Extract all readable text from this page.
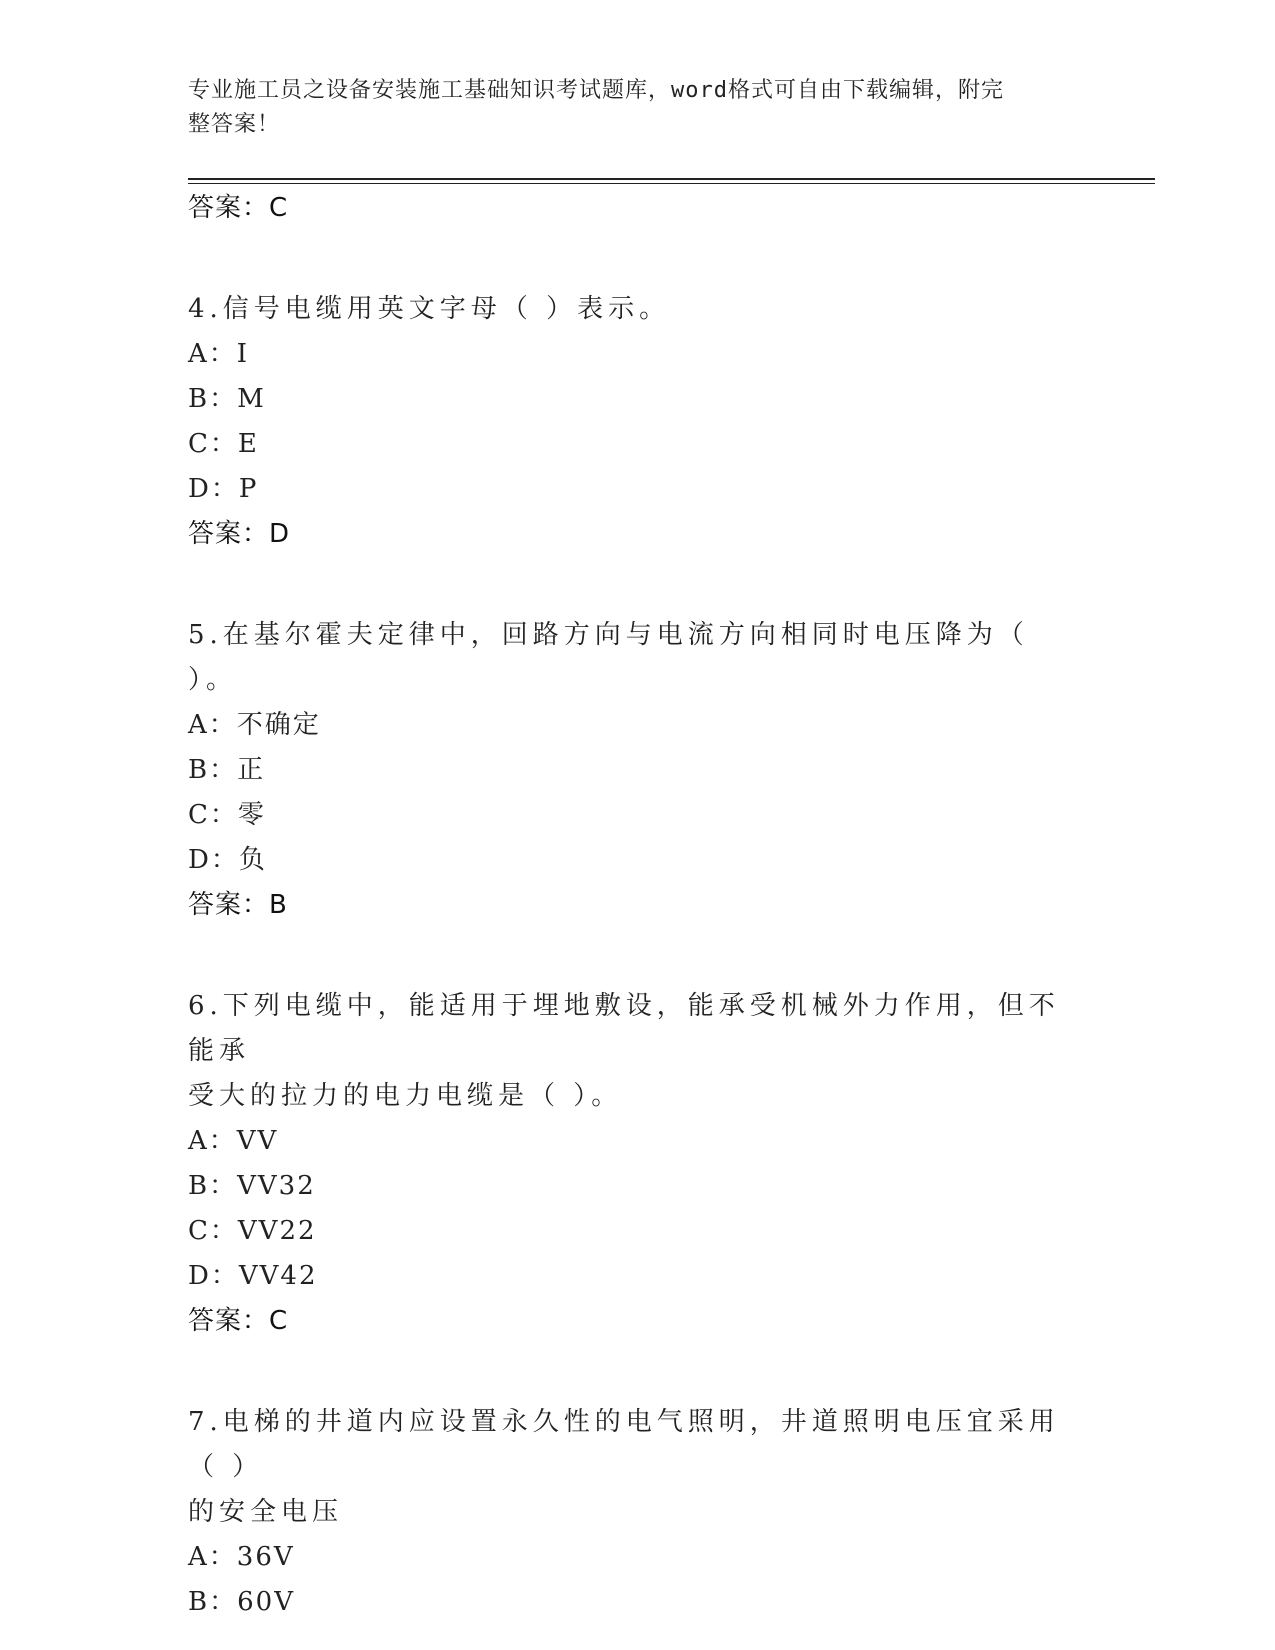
专业施工员之设备安装施工基础知识考试题库，word格式可自由下载编辑，附完
整答案！
答案：C
4.信号电缆用英文字母（ ）表示。
A：I
B：M
C：E
D：P
答案：D
5.在基尔霍夫定律中，回路方向与电流方向相同时电压降为（ ）。
A：不确定
B：正
C：零
D：负
答案：B
6.下列电缆中，能适用于埋地敷设，能承受机械外力作用，但不能承
受大的拉力的电力电缆是（ ）。
A：VV
B：VV32
C：VV22
D：VV42
答案：C
7.电梯的井道内应设置永久性的电气照明，井道照明电压宜采用（ ）
的安全电压
A：36V
B：60V
